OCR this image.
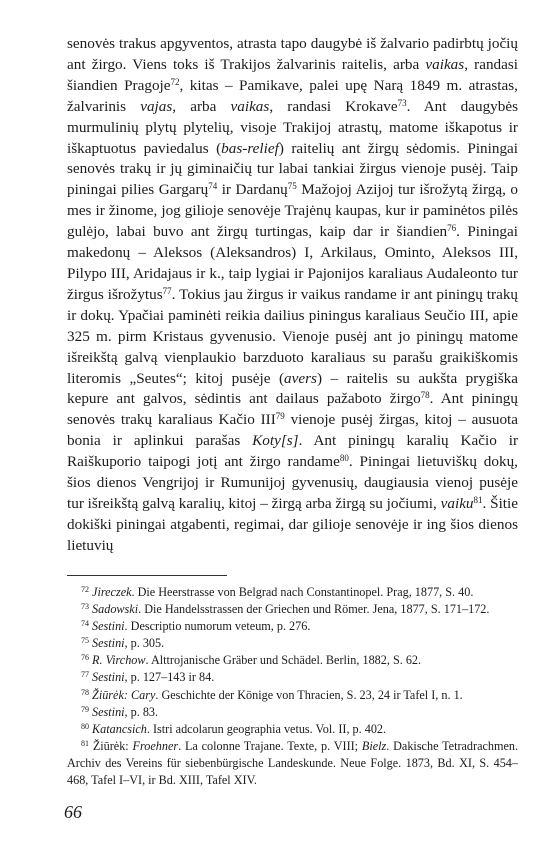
senovės trakus apgyventos, atrasta tapo daugybė iš žalvario padirbtų jočių ant žirgo. Viens toks iš Trakijos žalvarinis raitelis, arba vaikas, randasi šiandien Pragoje$^{72}$, kitas – Pamikave, palei upę Narą 1849 m. atrastas, žalvarinis vajas, arba vaikas, randasi Krokave$^{73}$. Ant daugybės murmulinių plytų plytelių, visoje Trakijoj atrastų, matome iškapotus ir iškaptuotus paviedalus (bas-relief) raitelių ant žirgų sėdomis. Piningai senovės trakų ir jų giminaičių tur labai tankiai žirgus vienoje pusėj. Taip piningai pilies Gargarų$^{74}$ ir Dardanų$^{75}$ Mažojoj Azijoj tur išrožytą žirgą, o mes ir žinome, jog gilioje senovėje Trajėnų kaupas, kur ir paminėtos pilės gulėjo, labai buvo ant žirgų turtingas, kaip dar ir šiandien$^{76}$. Piningai makedonų – Aleksos (Aleksandros) I, Arkilaus, Ominto, Aleksos III, Pilypo III, Aridajaus ir k., taip lygiai ir Pajonijos karaliaus Audaleonto tur žirgus išrožytus$^{77}$. Tokius jau žirgus ir vaikus randame ir ant piningų trakų ir dokų. Ypačiai paminėti reikia dailius piningus karaliaus Seučio III, apie 325 m. pirm Kristaus gyvenusio. Vienoje pusėj ant jo piningų matome išreikštą galvą vienplaukio barzduoto karaliaus su parašu graikiškomis literomis „Seutes“; kitoj pusėje (avers) – raitelis su aukšta prygiška kepure ant galvos, sėdintis ant dailaus pažaboto žirgo$^{78}$. Ant piningų senovės trakų karaliaus Kačio III$^{79}$ vienoje pusėj žirgas, kitoj – ausuota bonia ir aplinkui parašas Koty[s]. Ant piningų karalių Kačio ir Raiškuporio taipogi jotį ant žirgo randame$^{80}$. Piningai lietuviškų dokų, šios dienos Vengrijoj ir Rumunijoj gyvenusių, daugiausia vienoj pusėje tur išreikštą galvą karalių, kitoj – žirgą arba žirgą su jočiumi, vaiku$^{81}$. Šitie dokiški piningai atgabenti, regimai, dar gilioje senovėje ir ing šios dienos lietuvių

$^{72}$ Jireczek. Die Heerstrasse von Belgrad nach Constantinopel. Prag, 1877, S. 40.

$^{73}$ Sadowski. Die Handelsstrassen der Griechen und Römer. Jena, 1877, S. 171–172.

$^{74}$ Sestini. Descriptio numorum veteum, p. 276.

$^{75}$ Sestini, p. 305.

$^{76}$ R. Virchow. Alttrojanische Gräber und Schädel. Berlin, 1882, S. 62.

$^{77}$ Sestini, p. 127–143 ir 84.

$^{78}$ Žiūrėk: Cary. Geschichte der Könige von Thracien, S. 23, 24 ir Tafel I, n. 1.

$^{79}$ Sestini, p. 83.

$^{80}$ Katancsich. Istri adcolarun geographia vetus. Vol. II, p. 402.

$^{81}$ Žiūrėk: Froehner. La colonne Trajane. Texte, p. VIII; Bielz. Dakische Tetradrachmen. Archiv des Vereins für siebenbürgische Landeskunde. Neue Folge. 1873, Bd. XI, S. 454–468, Tafel I–VI, ir Bd. XIII, Tafel XIV.

66
